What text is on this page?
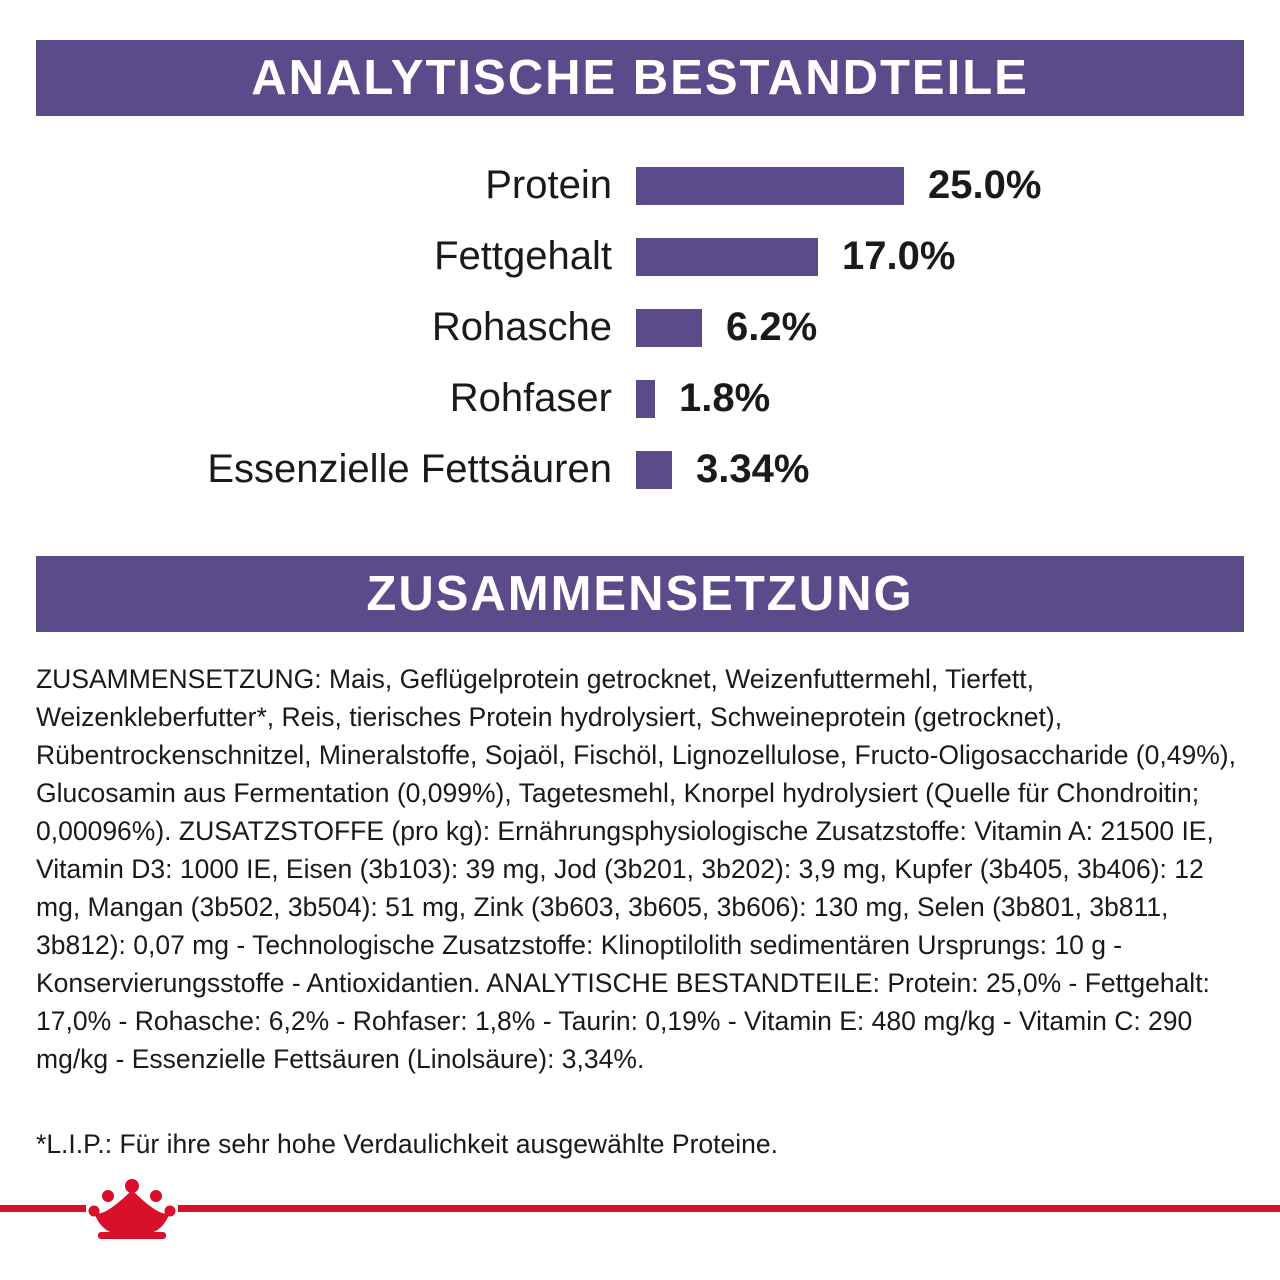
ANALYTISCHE BESTANDTEILE
Protein	25.0%
Fettgehalt	17.0%
Rohasche	6.2%
Rohfaser	1.8%
Essenzielle Fettsäuren	3.34%
ZUSAMMENSETZUNG
ZUSAMMENSETZUNG: Mais, Geflügelprotein getrocknet, Weizenfuttermehl, Tierfett, Weizenkleberfutter*, Reis, tierisches Protein hydrolysiert, Schweineprotein (getrocknet), Rübentrockenschnitzel, Mineralstoffe, Sojaöl, Fischöl, Lignozellulose, Fructo-Oligosaccharide (0,49%), Glucosamin aus Fermentation (0,099%), Tagetesmehl, Knorpel hydrolysiert (Quelle für Chondroitin; 0,00096%). ZUSATZSTOFFE (pro kg): Ernährungsphysiologische Zusatzstoffe: Vitamin A: 21500 IE, Vitamin D3: 1000 IE, Eisen (3b103): 39 mg, Jod (3b201, 3b202): 3,9 mg, Kupfer (3b405, 3b406): 12 mg, Mangan (3b502, 3b504): 51 mg, Zink (3b603, 3b605, 3b606): 130 mg, Selen (3b801, 3b811, 3b812): 0,07 mg - Technologische Zusatzstoffe: Klinoptilolith sedimentären Ursprungs: 10 g - Konservierungsstoffe - Antioxidantien. ANALYTISCHE BESTANDTEILE: Protein: 25,0% - Fettgehalt: 17,0% - Rohasche: 6,2% - Rohfaser: 1,8% - Taurin: 0,19% - Vitamin E: 480 mg/kg - Vitamin C: 290 mg/kg - Essenzielle Fettsäuren (Linolsäure): 3,34%.
*L.I.P.: Für ihre sehr hohe Verdaulichkeit ausgewählte Proteine.
